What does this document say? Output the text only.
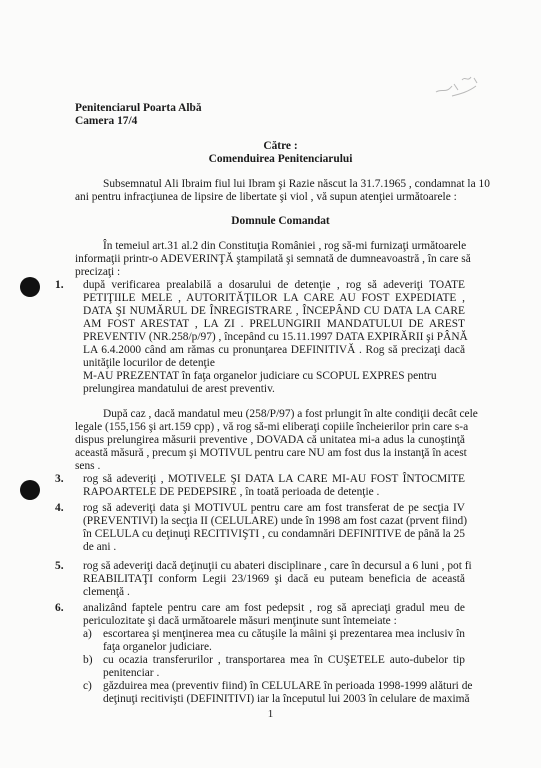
Penitenciarul Poarta Albă
Camera 17/4
Către :
Comenduirea Penitenciarului
Subsemnatul Ali Ibraim fiul lui Ibram şi Razie născut la 31.7.1965 , condamnat la 10
ani pentru infracţiunea de lipsire de libertate şi viol , vă supun atenţiei următoarele :
Domnule Comandat
În temeiul art.31 al.2 din Constituţia României , rog să-mi furnizaţi următoarele
informaţii printr-o ADEVERINŢĂ ştampilată şi semnată de dumneavoastră , în care să
precizaţi :
1. după verificarea prealabilă a dosarului de detenţie , rog să adeveriţi TOATE
PETIŢIILE MELE , AUTORITĂŢILOR LA CARE AU FOST EXPEDIATE ,
DATA ŞI NUMĂRUL DE ÎNREGISTRARE , ÎNCEPÂND CU DATA LA CARE
AM FOST ARESTAT , LA ZI . PRELUNGIRII MANDATULUI DE AREST
PREVENTIV (NR.258/p/97) , începând cu 15.11.1997 DATA EXPIRĂRII şi PÂNĂ
LA 6.4.2000 când am rămas cu pronunţarea DEFINITIVĂ . Rog să precizaţi dacă
unităţile locurilor de detenţie
M-AU PREZENTAT în faţa organelor judiciare cu SCOPUL EXPRES pentru
prelungirea mandatului de arest preventiv.
După caz , dacă mandatul meu (258/P/97) a fost prlungit în alte condiţii decât cele
legale (155,156 şi art.159 cpp) , vă rog să-mi eliberaţi copiile încheierilor prin care s-a
dispus prelungirea măsurii preventive , DOVADA că unitatea mi-a adus la cunoştinţă
această măsură , precum şi MOTIVUL pentru care NU am fost dus la instanţă în acest
sens .
3. rog să adeveriţi , MOTIVELE ŞI DATA LA CARE MI-AU FOST ÎNTOCMITE
RAPOARTELE DE PEDEPSIRE , în toată perioada de detenţie .
4. rog să adeveriţi data şi MOTIVUL pentru care am fost transferat de pe secţia IV
(PREVENTIVI) la secţia II (CELULARE) unde în 1998 am fost cazat (prvent fiind)
în CELULA cu deţinuţi RECITIVIŞTI , cu condamnări DEFINITIVE de până la 25
de ani .
5. rog să adeveriţi dacă deţinuţii cu abateri disciplinare , care în decursul a 6 luni , pot fi
REABILITAŢI conform Legii 23/1969 şi dacă eu puteam beneficia de această
clemenţă .
6. analizând faptele pentru care am fost pedepsit , rog să apreciaţi gradul meu de
periculozitate şi dacă următoarele măsuri menţinute sunt întemeiate :
a) escortarea şi menţinerea mea cu cătuşile la mâini şi prezentarea mea inclusiv în
faţa organelor judiciare.
b) cu ocazia transferurilor , transportarea mea în CUŞETELE auto-dubelor tip
penitenciar .
c) găzduirea mea (preventiv fiind) în CELULARE în perioada 1998-1999 alături de
deţinuţi recitivişti (DEFINITIVI) iar la începutul lui 2003 în celulare de maximă
1
